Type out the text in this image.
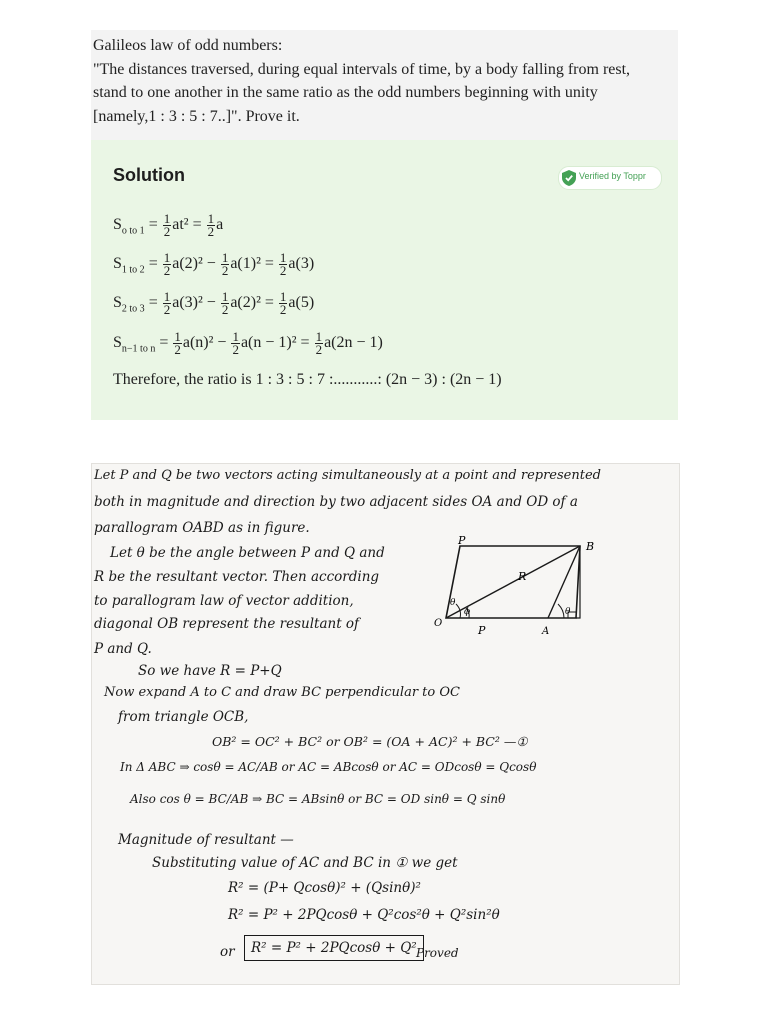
Galileos law of odd numbers:
"The distances traversed, during equal intervals of time, by a body falling from rest,
stand to one another in the same ratio as the odd numbers beginning with unity
[namely,1 : 3 : 5 : 7..]". Prove it.
Solution	Verified by Toppr
$S_{o to 1} = \frac{1}{2} at^2 = \frac{1}{2}$ a
$S_{1 to 2} = \frac{1}{2} a(2)^2 - \frac{1}{2} a(1)^2 = \frac{1}{2} a(3)$
$S_{2 to 3} = \frac{1}{2} a(3)^2 - \frac{1}{2} a(2)^2 = \frac{1}{2} a(5)$
$S_{n-1 to n} = \frac{1}{2} a(n)^2 - \frac{1}{2} a(n - 1)^2 = \frac{1}{2} a(2n - 1)$
Therefore, the ratio is 1 : 3 : 5 : 7 :...........: (2n − 3) : (2n − 1)
Let P and Q be two vectors acting simultaneously at a point and represented
both in magnitude and direction by two adjacent sides OA and OD of a
parallogram OABD as in figure.
Let θ be the angle between P and Q and
R be the resultant vector. Then according
to parallogram law of vector addition,
diagonal OB represent the resultant of
P and Q.
So we have R = P+Q
Now expand A to C and draw BC perpendicular to OC
from triangle OCB,
OB² = OC² + BC² or OB² = (OA + AC)² + BC² —①
In Δ ABC ⇒ cosθ = AC/AB or AC = ABcosθ or AC = ODcosθ = Qcosθ
Also cos θ = BC/AB ⇒ BC = ABsinθ or BC = OD sinθ = Q sinθ
Magnitude of resultant —
Substituting value of AC and BC in ① we get
R² = (P+ Qcosθ)² + (Qsinθ)²
R² = P² + 2PQcosθ + Q²cos²θ + Q²sin²θ
or	R² = P² + 2PQcosθ + Q² Proved
P	B
R
O
P	A
θ
ϕ	θ
